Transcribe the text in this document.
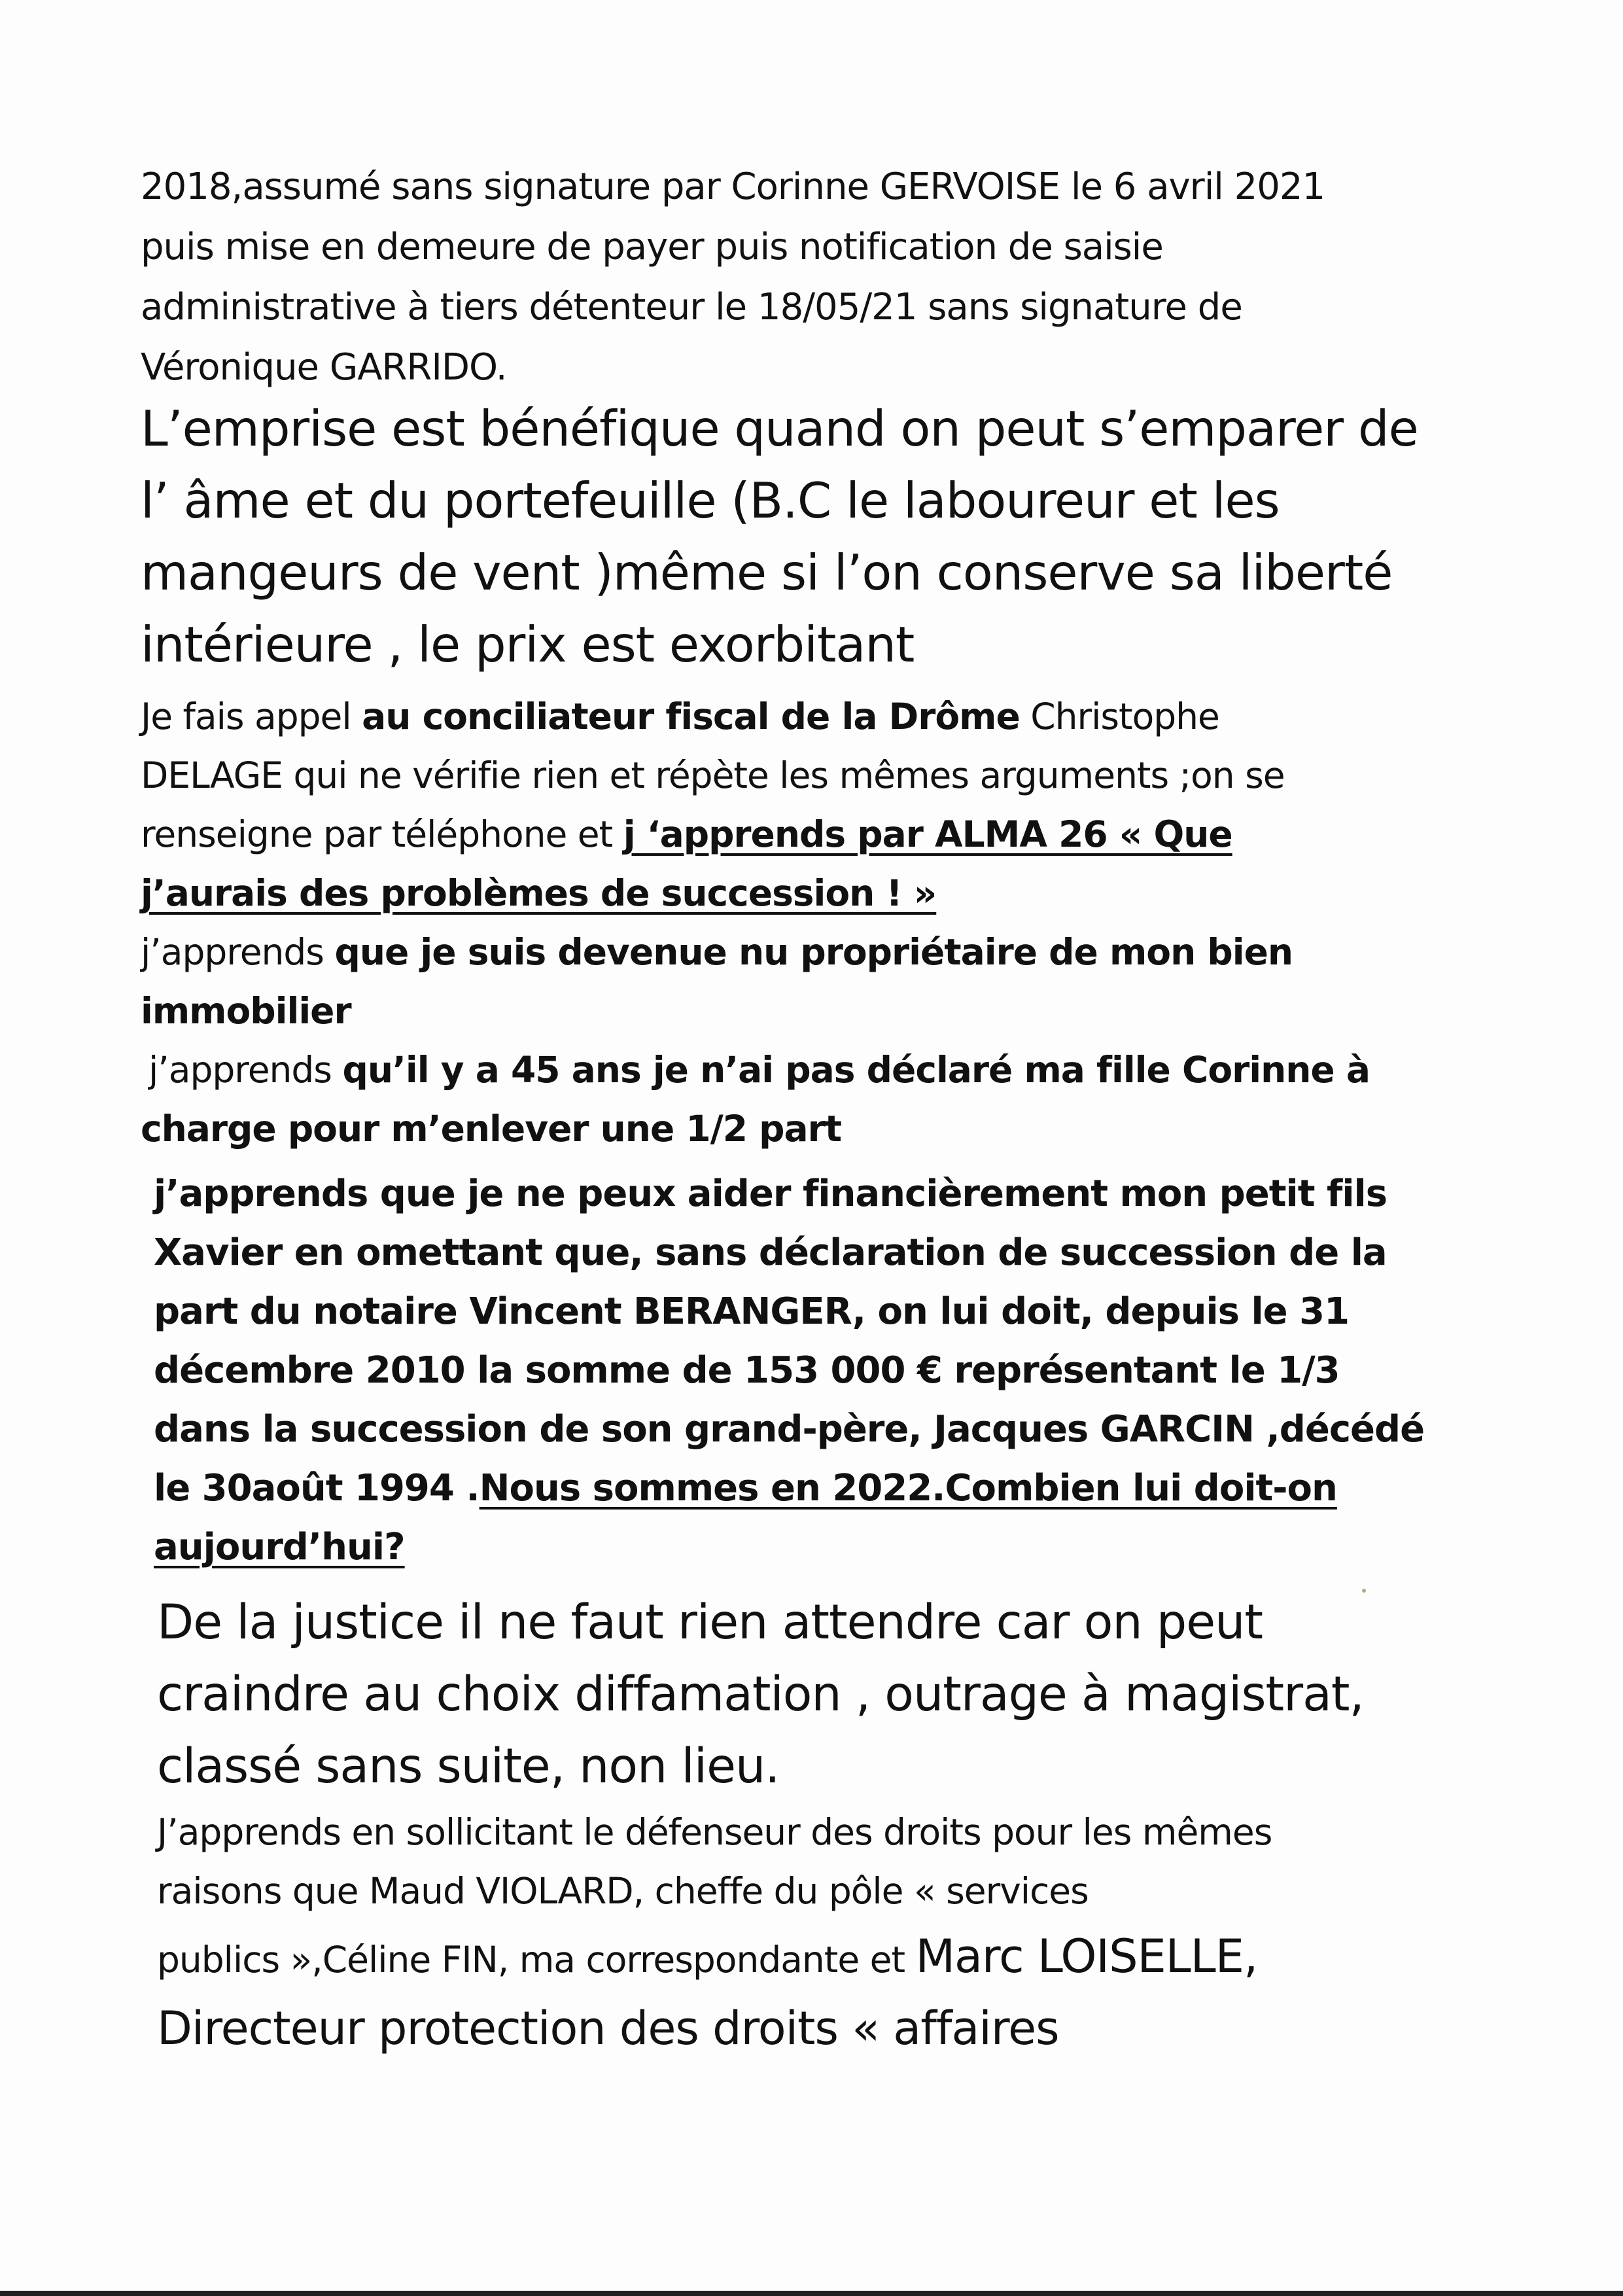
2018,assumé sans signature par Corinne GERVOISE le 6 avril 2021
puis mise en demeure de payer puis notification de saisie
administrative à tiers détenteur le 18/05/21 sans signature de
Véronique GARRIDO.
L’emprise est bénéfique quand on peut s’emparer de
l’ âme et du portefeuille (B.C le laboureur et les
mangeurs de vent )même si l’on conserve sa liberté
intérieure , le prix est exorbitant
Je fais appel au conciliateur fiscal de la Drôme Christophe
DELAGE qui ne vérifie rien et répète les mêmes arguments ;on se
renseigne par téléphone et j ‘apprends par ALMA 26 « Que
j’aurais des problèmes de succession ! »
j’apprends que je suis devenue nu propriétaire de mon bien
immobilier
j’apprends qu’il y a 45 ans je n’ai pas déclaré ma fille Corinne à
charge pour m’enlever une 1/2 part
j’apprends que je ne peux aider financièrement mon petit fils
Xavier en omettant que, sans déclaration de succession de la
part du notaire Vincent BERANGER, on lui doit, depuis le 31
décembre 2010 la somme de 153 000 € représentant le 1/3
dans la succession de son grand-père, Jacques GARCIN ,décédé
le 30août 1994 .Nous sommes en 2022.Combien lui doit-on
aujourd’hui?
De la justice il ne faut rien attendre car on peut
craindre au choix diffamation , outrage à magistrat,
classé sans suite, non lieu.
J’apprends en sollicitant le défenseur des droits pour les mêmes
raisons que Maud VIOLARD, cheffe du pôle « services
publics »,Céline FIN, ma correspondante et Marc LOISELLE,
Directeur protection des droits « affaires
